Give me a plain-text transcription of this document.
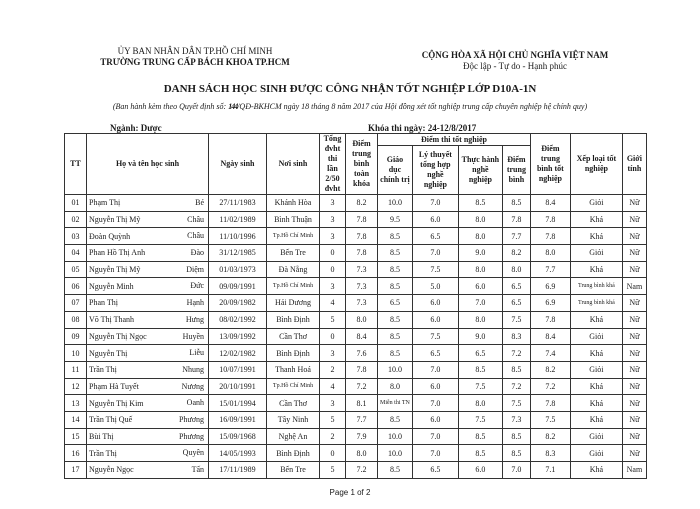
ỦY BAN NHÂN DÂN TP.HỒ CHÍ MINH
TRƯỜNG TRUNG CẤP BÁCH KHOA TP.HCM
CỘNG HÒA XÃ HỘI CHỦ NGHĨA VIỆT NAM
Độc lập - Tự do - Hạnh phúc
DANH SÁCH HỌC SINH ĐƯỢC CÔNG NHẬN TỐT NGHIỆP LỚP D10A-1N
(Ban hành kèm theo Quyết định số: 144/QĐ-BKHCM ngày 18 tháng 8 năm 2017 của Hội đồng xét tốt nghiệp trung cấp chuyên nghiệp hệ chính quy)
Ngành: Dược	Khóa thi ngày: 24-12/8/2017
TT	Họ và tên học sinh	Ngày sinh	Nơi sinh	Tổng đvht thi lần 2/50 đvht	Điểm trung bình toàn khóa	Điểm thi tốt nghiệp				Điểm trung bình tốt nghiệp	Xếp loại tốt nghiệp	Giới tính
						Giáo dục chính trị	Lý thuyết tổng hợp nghề nghiệp	Thực hành nghề nghiệp	Điểm trung bình			
01	Phạm Thị Bé	27/11/1983	Khánh Hòa	3	8.2	10.0	7.0	8.5	8.5	8.4	Giỏi	Nữ
02	Nguyễn Thị Mỹ Châu	11/02/1989	Bình Thuận	3	7.8	9.5	6.0	8.0	7.8	7.8	Khá	Nữ
03	Đoàn Quỳnh Châu	11/10/1996	Tp.Hồ Chí Minh	3	7.8	8.5	6.5	8.0	7.7	7.8	Khá	Nữ
04	Phan Hồ Thị Anh Đào	31/12/1985	Bến Tre	0	7.8	8.5	7.0	9.0	8.2	8.0	Giỏi	Nữ
05	Nguyễn Thị Mỹ Diệm	01/03/1973	Đà Nẵng	0	7.3	8.5	7.5	8.0	8.0	7.7	Khá	Nữ
06	Nguyễn Minh Đức	09/09/1991	Tp.Hồ Chí Minh	3	7.3	8.5	5.0	6.0	6.5	6.9	Trung bình khá	Nam
07	Phan Thị Hạnh	20/09/1982	Hải Dương	4	7.3	6.5	6.0	7.0	6.5	6.9	Trung bình khá	Nữ
08	Võ Thị Thanh Hưng	08/02/1992	Bình Định	5	8.0	8.5	6.0	8.0	7.5	7.8	Khá	Nữ
09	Nguyễn Thị Ngọc Huyền	13/09/1992	Cần Thơ	0	8.4	8.5	7.5	9.0	8.3	8.4	Giỏi	Nữ
10	Nguyễn Thị Liễu	12/02/1982	Bình Định	3	7.6	8.5	6.5	6.5	7.2	7.4	Khá	Nữ
11	Trần Thị Nhung	10/07/1991	Thanh Hoá	2	7.8	10.0	7.0	8.5	8.5	8.2	Giỏi	Nữ
12	Phạm Hà Tuyết Nương	20/10/1991	Tp.Hồ Chí Minh	4	7.2	8.0	6.0	7.5	7.2	7.2	Khá	Nữ
13	Nguyễn Thị Kim Oanh	15/01/1994	Cần Thơ	3	8.1	Miễn thi TN	7.0	8.0	7.5	7.8	Khá	Nữ
14	Trần Thị Quế Phương	16/09/1991	Tây Ninh	5	7.7	8.5	6.0	7.5	7.3	7.5	Khá	Nữ
15	Bùi Thị Phương	15/09/1968	Nghệ An	2	7.9	10.0	7.0	8.5	8.5	8.2	Giỏi	Nữ
16	Trần Thị Quyên	14/05/1993	Bình Định	0	8.0	10.0	7.0	8.5	8.5	8.3	Giỏi	Nữ
17	Nguyễn Ngọc Tấn	17/11/1989	Bến Tre	5	7.2	8.5	6.5	6.0	7.0	7.1	Khá	Nam
Page 1 of 2
